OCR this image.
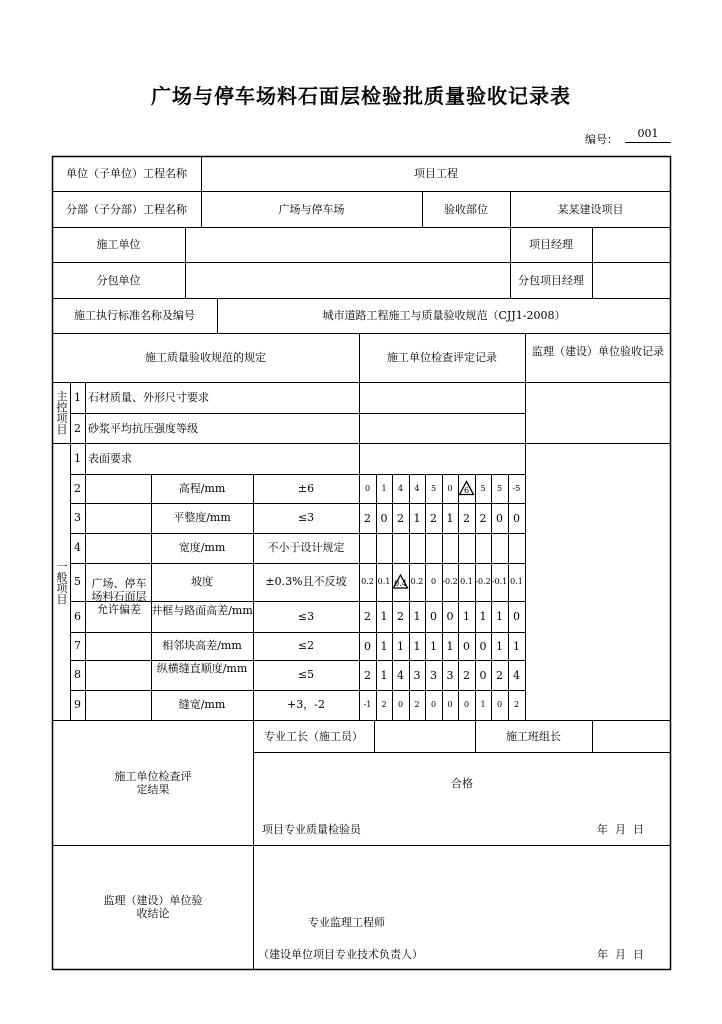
广场与停车场料石面层检验批质量验收记录表
编号：	001
单位（子单位）工程名称	项目工程
分部（子分部）工程名称	广场与停车场	验收部位	某某建设项目
施工单位	项目经理
分包单位	分包项目经理
施工执行标准名称及编号	城市道路工程施工与质量验收规范（CJJ1-2008）
施工质量验收规范的规定	施工单位检查评定记录	监理（建设）单位验收记录
主控项目
1 石材质量、外形尺寸要求
2 砂浆平均抗压强度等级
一般项目
1 表面要求
广场、停车场料石面层允许偏差
2	高程/mm	±6	0	1	4	4	5	0	6	5	5	-5
3	平整度/mm	≤3	2 0 2 1 2 1 2 2 0 0
4	宽度/mm	不小于设计规定
5	坡度	±0.3%且不反坡	0.2 0.1 0.4 0.2 0 -0.2 0.1 -0.2 -0.1 0.1
6	井框与路面高差/mm	≤3	2 1 2 1 0 0 1 1 1 0
7	相邻块高差/mm	≤2	0 1 1 1 1 1 0 0 1 1
8	纵横缝直顺度/mm	≤5	2 1 4 3 3 3 2 0 2 4
9	缝宽/mm	+3，-2	-1	2	0	2	0	0	0	1	0	2
专业工长（施工员）	施工班组长
施工单位检查评定结果	合格
项目专业质量检验员	年  月  日
监理（建设）单位验收结论
专业监理工程师
（建设单位项目专业技术负责人）	年  月  日
